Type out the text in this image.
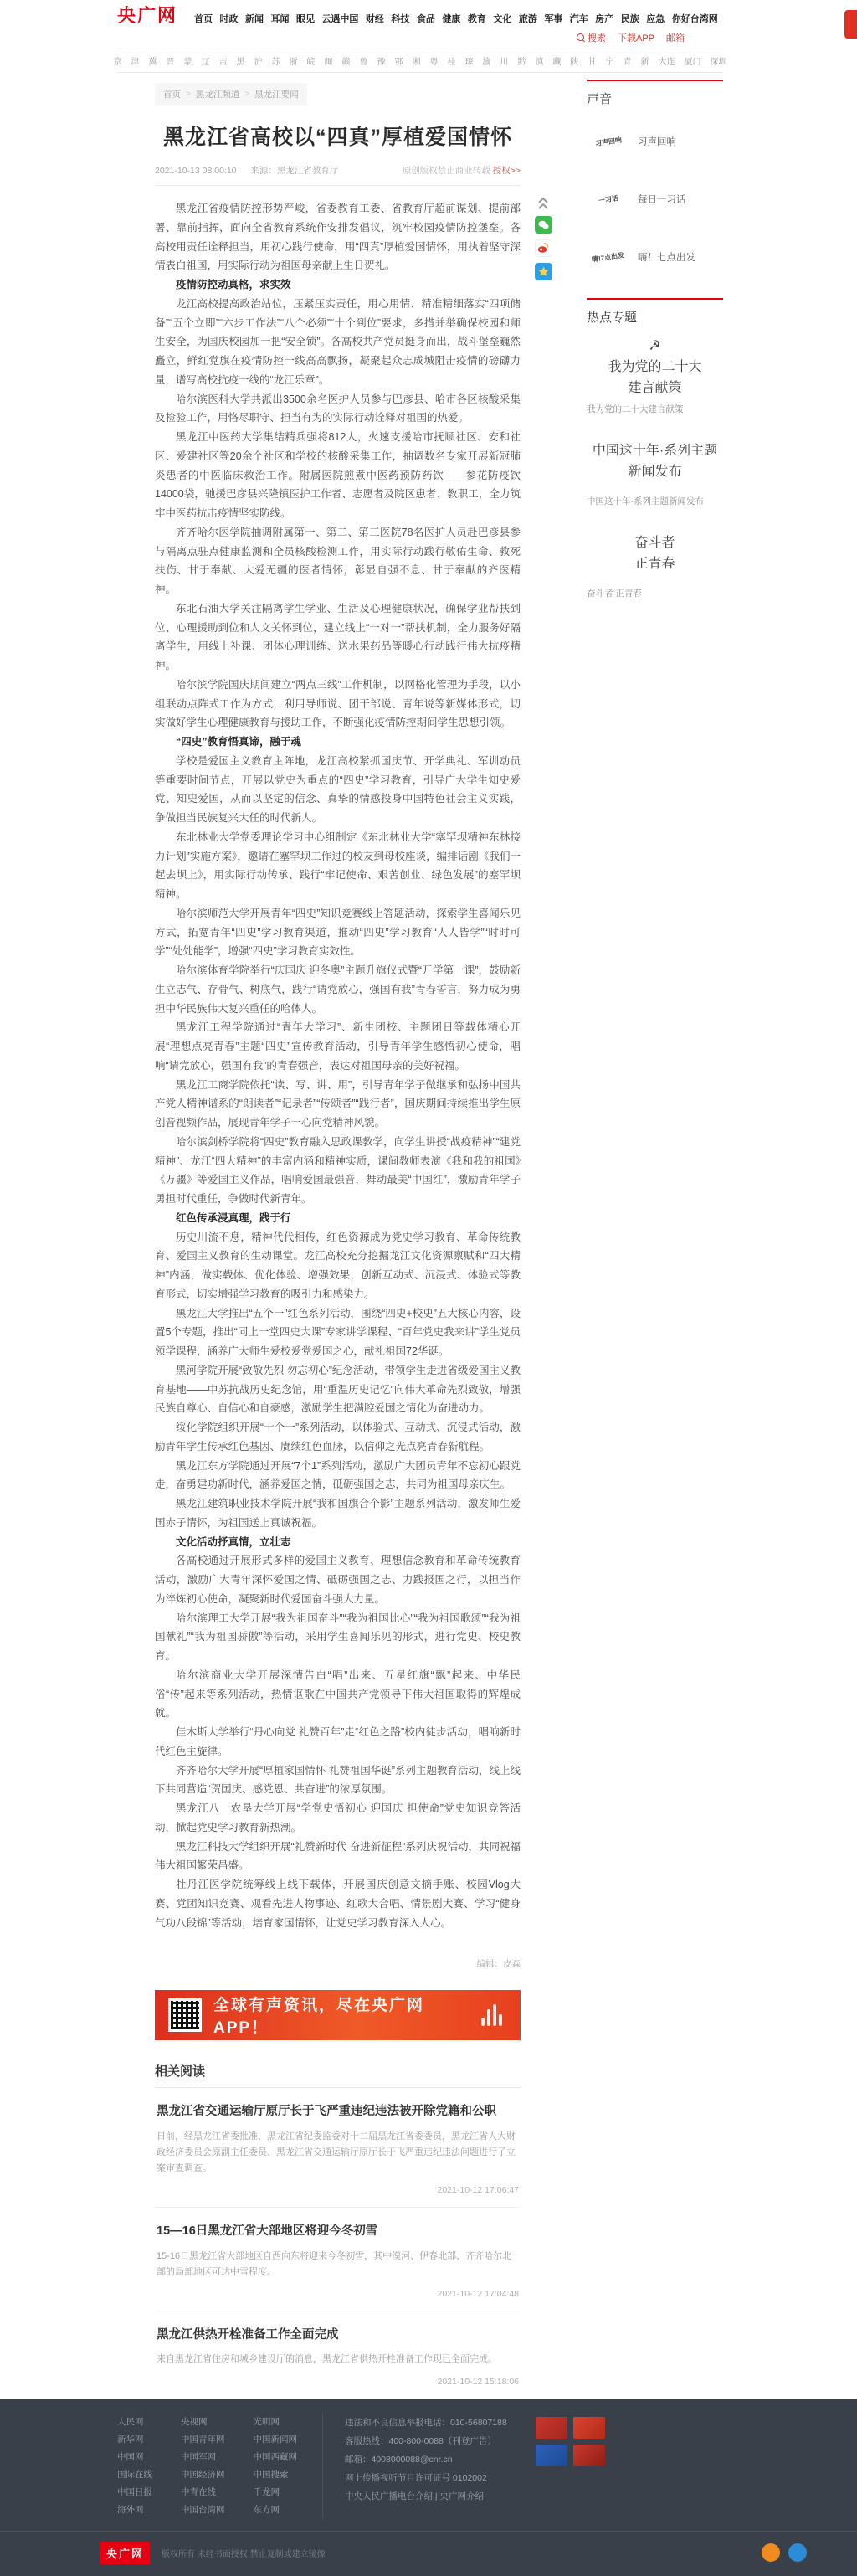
央广网 首页 时政 新闻 耳闻 眼见 云遇中国 财经 科技 食品 健康 教育 文化 旅游 军事 汽车 房产 民族 应急 你好台湾网
搜索 下载APP 邮箱
京 津 冀 晋 蒙 辽 吉 黑 沪 苏 浙 皖 闽 赣 鲁 豫 鄂 湘 粤 桂 琼 渝 川 黔 滇 藏 陕 甘 宁 青 新 大连 厦门 深圳
首页 > 黑龙江频道 > 黑龙江要闻
黑龙江省高校以“四真”厚植爱国情怀
2021-10-13 08:00:10 来源：黑龙江省教育厅	原创版权禁止商业转载 授权>>

黑龙江省疫情防控形势严峻，省委教育工委、省教育厅超前谋划、提前部署、靠前指挥，面向全省教育系统作安排发倡议，筑牢校园疫情防控堡垒。各高校用责任诠释担当，用初心践行使命，用“四真”厚植爱国情怀，用执着坚守深情表白祖国，用实际行动为祖国母亲献上生日贺礼。

疫情防控动真格，求实效

龙江高校提高政治站位，压紧压实责任，用心用情、精准精细落实“四项储备”“五个立即”“六步工作法”“八个必须”“十个到位”要求，多措并举确保校园和师生安全，为国庆校园加一把“安全锁”。各高校共产党员挺身而出，战斗堡垒巍然矗立，鲜红党旗在疫情防控一线高高飘扬，凝聚起众志成城阻击疫情的磅礴力量，谱写高校抗疫一线的“龙江乐章”。

哈尔滨医科大学共派出3500余名医护人员参与巴彦县、哈市各区核酸采集及检验工作，用恪尽职守、担当有为的实际行动诠释对祖国的热爱。

黑龙江中医药大学集结精兵强将812人，火速支援哈市抚顺社区、安和社区、爱建社区等20余个社区和学校的核酸采集工作，抽调数名专家开展新冠肺炎患者的中医临床救治工作。附属医院煎煮中医药预防药饮——参花防疫饮14000袋，驰援巴彦县兴隆镇医护工作者、志愿者及院区患者、教职工，全力筑牢中医药抗击疫情坚实防线。

齐齐哈尔医学院抽调附属第一、第二、第三医院78名医护人员赴巴彦县参与隔离点驻点健康监测和全员核酸检测工作，用实际行动践行敬佑生命、救死扶伤、甘于奉献、大爱无疆的医者情怀，彰显自强不息、甘于奉献的齐医精神。

东北石油大学关注隔离学生学业、生活及心理健康状况，确保学业帮扶到位、心理援助到位和人文关怀到位，建立线上“一对一”帮扶机制，全力服务好隔离学生，用线上补课、团体心理训练、送水果药品等暖心行动践行伟大抗疫精神。

哈尔滨学院国庆期间建立“两点三线”工作机制，以网格化管理为手段，以小组联动点阵式工作为方式，利用导师说、团干部说、青年说等新媒体形式，切实做好学生心理健康教育与援助工作，不断强化疫情防控期间学生思想引领。

“四史”教育悟真谛，融于魂

学校是爱国主义教育主阵地，龙江高校紧抓国庆节、开学典礼、军训动员等重要时间节点，开展以党史为重点的“四史”学习教育，引导广大学生知史爱党、知史爱国，从而以坚定的信念、真挚的情感投身中国特色社会主义实践，争做担当民族复兴大任的时代新人。

东北林业大学党委理论学习中心组制定《东北林业大学“塞罕坝精神东林接力计划”实施方案》，邀请在塞罕坝工作过的校友到母校座谈，编排话剧《我们一起去坝上》，用实际行动传承、践行“牢记使命、艰苦创业、绿色发展”的塞罕坝精神。

哈尔滨师范大学开展青年“四史”知识竞赛线上答题活动，探索学生喜闻乐见方式，拓宽青年“四史”学习教育渠道，推动“四史”学习教育“人人皆学”“时时可学”“处处能学”，增强“四史”学习教育实效性。

哈尔滨体育学院举行“庆国庆 迎冬奥”主题升旗仪式暨“开学第一课”，鼓励新生立志气、存骨气、树底气，践行“请党放心，强国有我”青春誓言，努力成为勇担中华民族伟大复兴重任的哈体人。

黑龙江工程学院通过“青年大学习”、新生团校、主题团日等载体精心开展“理想点亮青春”主题“四史”宣传教育活动，引导青年学生感悟初心使命，唱响“请党放心，强国有我”的青春强音，表达对祖国母亲的美好祝福。

黑龙江工商学院依托“读、写、讲、用”，引导青年学子做继承和弘扬中国共产党人精神谱系的“朗读者”“记录者”“传颂者”“践行者”，国庆期间持续推出学生原创音视频作品，展现青年学子一心向党精神风貌。

哈尔滨剑桥学院将“四史”教育融入思政课教学，向学生讲授“战疫精神”“建党精神”、龙江“四大精神”的丰富内涵和精神实质，课间教师表演《我和我的祖国》《万疆》等爱国主义作品，唱响爱国最强音，舞动最美“中国红”，激励青年学子勇担时代重任，争做时代新青年。

红色传承浸真理，践于行

历史川流不息，精神代代相传，红色资源成为党史学习教育、革命传统教育、爱国主义教育的生动课堂。龙江高校充分挖掘龙江文化资源禀赋和“四大精神”内涵，做实载体、优化体验、增强效果，创新互动式、沉浸式、体验式等教育形式，切实增强学习教育的吸引力和感染力。

黑龙江大学推出“五个一”红色系列活动，围绕“四史+校史”五大核心内容，设置5个专题，推出“同上一堂四史大课”专家讲学课程、“百年党史我来讲”学生党员领学课程，涵养广大师生爱校爱党爱国之心，献礼祖国72华诞。

黑河学院开展“致敬先烈 勿忘初心”纪念活动，带领学生走进省级爱国主义教育基地——中苏抗战历史纪念馆，用“重温历史记忆”向伟大革命先烈致敬，增强民族自尊心、自信心和自豪感，激励学生把满腔爱国之情化为奋进动力。

绥化学院组织开展“十个一”系列活动，以体验式、互动式、沉浸式活动，激励青年学生传承红色基因、赓续红色血脉，以信仰之光点亮青春新航程。

黑龙江东方学院通过开展“7个1”系列活动，激励广大团员青年不忘初心跟党走，奋勇建功新时代，涵养爱国之情，砥砺强国之志，共同为祖国母亲庆生。

黑龙江建筑职业技术学院开展“我和国旗合个影”主题系列活动，激发师生爱国赤子情怀，为祖国送上真诚祝福。

文化活动抒真情，立壮志

各高校通过开展形式多样的爱国主义教育、理想信念教育和革命传统教育活动，激励广大青年深怀爱国之情、砥砺强国之志、力践报国之行，以担当作为淬炼初心使命，凝聚新时代爱国奋斗强大力量。

哈尔滨理工大学开展“我为祖国奋斗”“我为祖国比心”“我为祖国歌颂”“我为祖国献礼”“我为祖国骄傲”等活动，采用学生喜闻乐见的形式，进行党史、校史教育。

哈尔滨商业大学开展深情告白“唱”出来、五星红旗“飘”起来、中华民俗“传”起来等系列活动，热情讴歌在中国共产党领导下伟大祖国取得的辉煌成就。

佳木斯大学举行“丹心向党 礼赞百年”走“红色之路”校内徒步活动，唱响新时代红色主旋律。

齐齐哈尔大学开展“厚植家国情怀 礼赞祖国华诞”系列主题教育活动，线上线下共同营造“贺国庆、感党恩、共奋进”的浓厚氛围。

黑龙江八一农垦大学开展“学党史悟初心 迎国庆 担使命”党史知识竞答活动，掀起党史学习教育新热潮。

黑龙江科技大学组织开展“礼赞新时代 奋进新征程”系列庆祝活动，共同祝福伟大祖国繁荣昌盛。

牡丹江医学院统筹线上线下载体，开展国庆创意文摘手账、校园Vlog大赛、党团知识竞赛、观看先进人物事迹、红歌大合唱、情景剧大赛、学习“健身气功八段锦”等活动，培育家国情怀，让党史学习教育深入人心。

编辑：皮森
全球有声资讯，尽在央广网APP！
相关阅读
黑龙江省交通运输厅原厅长于飞严重违纪违法被开除党籍和公职
日前，经黑龙江省委批准，黑龙江省纪委监委对十二届黑龙江省委委员，黑龙江省人大财政经济委员会原副主任委员、黑龙江省交通运输厅原厅长于飞严重违纪违法问题进行了立案审查调查。
2021-10-12 17:06:47
15—16日黑龙江省大部地区将迎今冬初雪
15-16日黑龙江省大部地区自西向东将迎来今冬初雪，其中漠河、伊春北部、齐齐哈尔北部的局部地区可达中雪程度。
2021-10-12 17:04:48
黑龙江供热开栓准备工作全面完成
来自黑龙江省住房和城乡建设厅的消息，黑龙江省供热开栓准备工作现已全面完成。
2021-10-12 15:18:06
声音
习声回响 习声回响
一习话 每日一习话
嗨!7点出发 嗨！七点出发
热点专题
☭
我为党的二十大
建言献策
我为党的二十大建言献策
中国这十年·系列主题
新闻发布
中国这十年·系列主题新闻发布
奋斗者
正青春
奋斗者 正青春
人民网
新华网
中国网
国际在线
中国日报
海外网
央视网
中国青年网
中国军网
中国经济网
中青在线
中国台湾网
光明网
中国新闻网
中国西藏网
中国搜索
千龙网
东方网
违法和不良信息举报电话：010-56807188
客服热线：400-800-0088（刊登广告）
邮箱：4008000088@cnr.cn
网上传播视听节目许可证号 0102002
中央人民广播电台介绍 | 央广网介绍
央广网	版权所有 未经书面授权 禁止复制或建立镜像
